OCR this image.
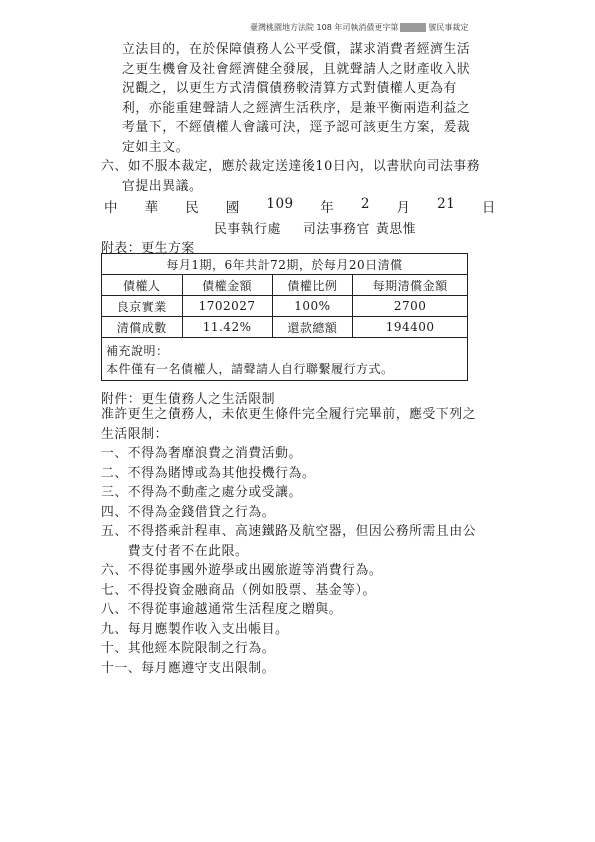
臺灣桃園地方法院 108 年司執消債更字第	號民事裁定
立法目的，在於保障債務人公平受償，謀求消費者經濟生活
之更生機會及社會經濟健全發展，且就聲請人之財產收入狀
況觀之，以更生方式清償債務較清算方式對債權人更為有
利，亦能重建聲請人之經濟生活秩序，是兼平衡兩造利益之
考量下，不經債權人會議可決，逕予認可該更生方案，爰裁
定如主文。
六、如不服本裁定，應於裁定送達後10日內，以書狀向司法事務
官提出異議。
中 華 民 國 109 年 2 月 21 日
民事執行處 司法事務官 黃思惟
附表：更生方案
每月1期，6年共計72期，於每月20日清償			
債權人	債權金額	債權比例	每期清償金額
良京實業	1702027	100%	2700
清償成數	11.42%	還款總額	194400
補充說明：			
本件僅有一名債權人，請聲請人自行聯繫履行方式。			
附件：更生債務人之生活限制
准許更生之債務人，未依更生條件完全履行完畢前，應受下列之
生活限制：
一、不得為奢靡浪費之消費活動。
二、不得為賭博或為其他投機行為。
三、不得為不動產之處分或受讓。
四、不得為金錢借貸之行為。
五、不得搭乘計程車、高速鐵路及航空器，但因公務所需且由公
　　費支付者不在此限。
六、不得從事國外遊學或出國旅遊等消費行為。
七、不得投資金融商品（例如股票、基金等）。
八、不得從事逾越通常生活程度之贈與。
九、每月應製作收入支出帳目。
十、其他經本院限制之行為。
十一、每月應遵守支出限制。
